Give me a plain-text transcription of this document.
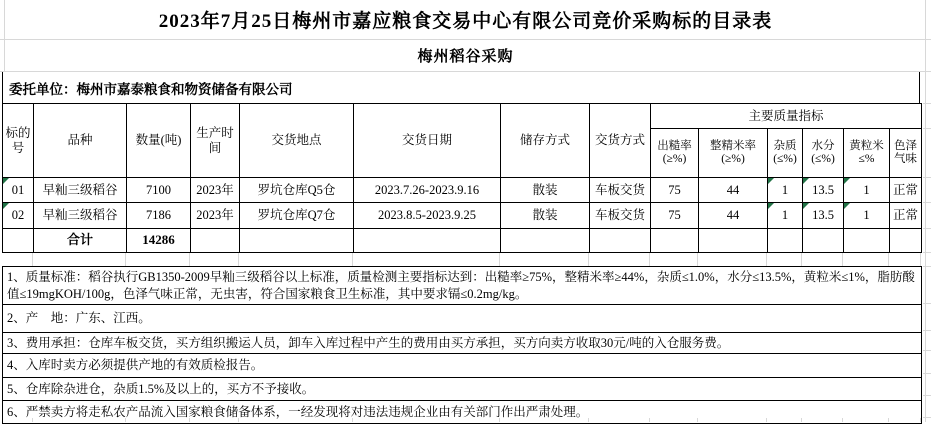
2023年7月25日梅州市嘉应粮食交易中心有限公司竞价采购标的目录表
梅州稻谷采购
委托单位：梅州市嘉泰粮食和物资储备有限公司
标的号	品种	数量(吨)	生产时间	交货地点	交货日期	储存方式	交货方式	主要质量指标					
								出糙率(≥%)	整精米率(≥%)	杂质(≤%)	水分(≤%)	黄粒米≤%	色泽气味

01	早籼三级稻谷	7100	2023年	罗坑仓库Q5仓	2023.7.26-2023.9.16	散装	车板交货	75	44	1	13.5	1	正常

02	早籼三级稻谷	7186	2023年	罗坑仓库Q7仓	2023.8.5-2023.9.25	散装	车板交货	75	44	1	13.5	1	正常
	合计	14286											
1、质量标准：稻谷执行GB1350-2009早籼三级稻谷以上标准，质量检测主要指标达到：出糙率≥75%，整精米率≥44%，杂质≤1.0%，水分≤13.5%，黄粒米≤1%，脂肪酸值≤19mgKOH/100g，色泽气味正常，无虫害，符合国家粮食卫生标准，其中要求镉≤0.2mg/kg。
2、产　地：广东、江西。
3、费用承担：仓库车板交货，买方组织搬运人员，卸车入库过程中产生的费用由买方承担，买方向卖方收取30元/吨的入仓服务费。
4、入库时卖方必须提供产地的有效质检报告。
5、仓库除杂进仓，杂质1.5%及以上的，买方不予接收。
6、严禁卖方将走私农产品流入国家粮食储备体系，一经发现将对违法违规企业由有关部门作出严肃处理。
